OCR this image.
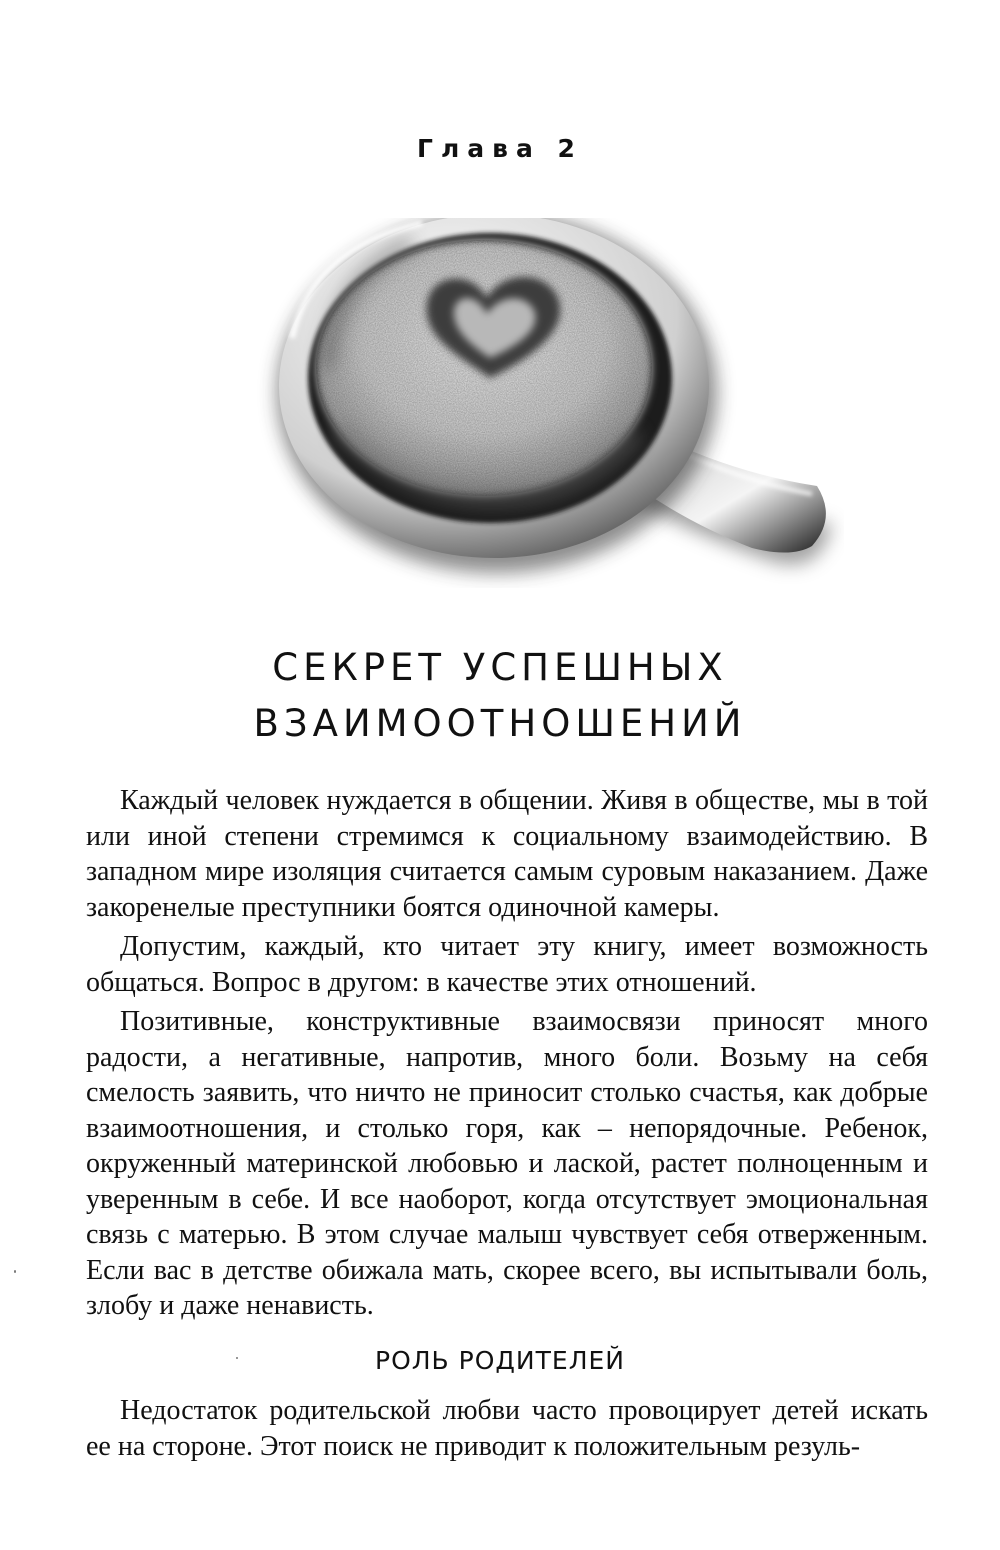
Глава 2
СЕКРЕТ УСПЕШНЫХ
ВЗАИМООТНОШЕНИЙ

Каждый человек нуждается в общении. Живя в обществе, мы в той или иной степени стремимся к социальному взаимодействию. В западном мире изоляция считается самым суровым наказанием. Даже закоренелые преступники боятся одиночной камеры.

Допустим, каждый, кто читает эту книгу, имеет возможность общаться. Вопрос в другом: в качестве этих отношений.

Позитивные, конструктивные взаимосвязи приносят много радости, а негативные, напротив, много боли. Возьму на себя смелость заявить, что ничто не приносит столько счастья, как добрые взаимоотношения, и столько горя, как – непорядочные. Ребенок, окруженный материнской любовью и лаской, растет полноценным и уверенным в себе. И все наоборот, когда отсутствует эмоциональная связь с матерью. В этом случае малыш чувствует себя отверженным. Если вас в детстве обижала мать, скорее всего, вы испытывали боль, злобу и даже ненависть.

РОЛЬ РОДИТЕЛЕЙ

Недостаток родительской любви часто провоцирует детей искать ее на стороне. Этот поиск не приводит к положительным резуль-
